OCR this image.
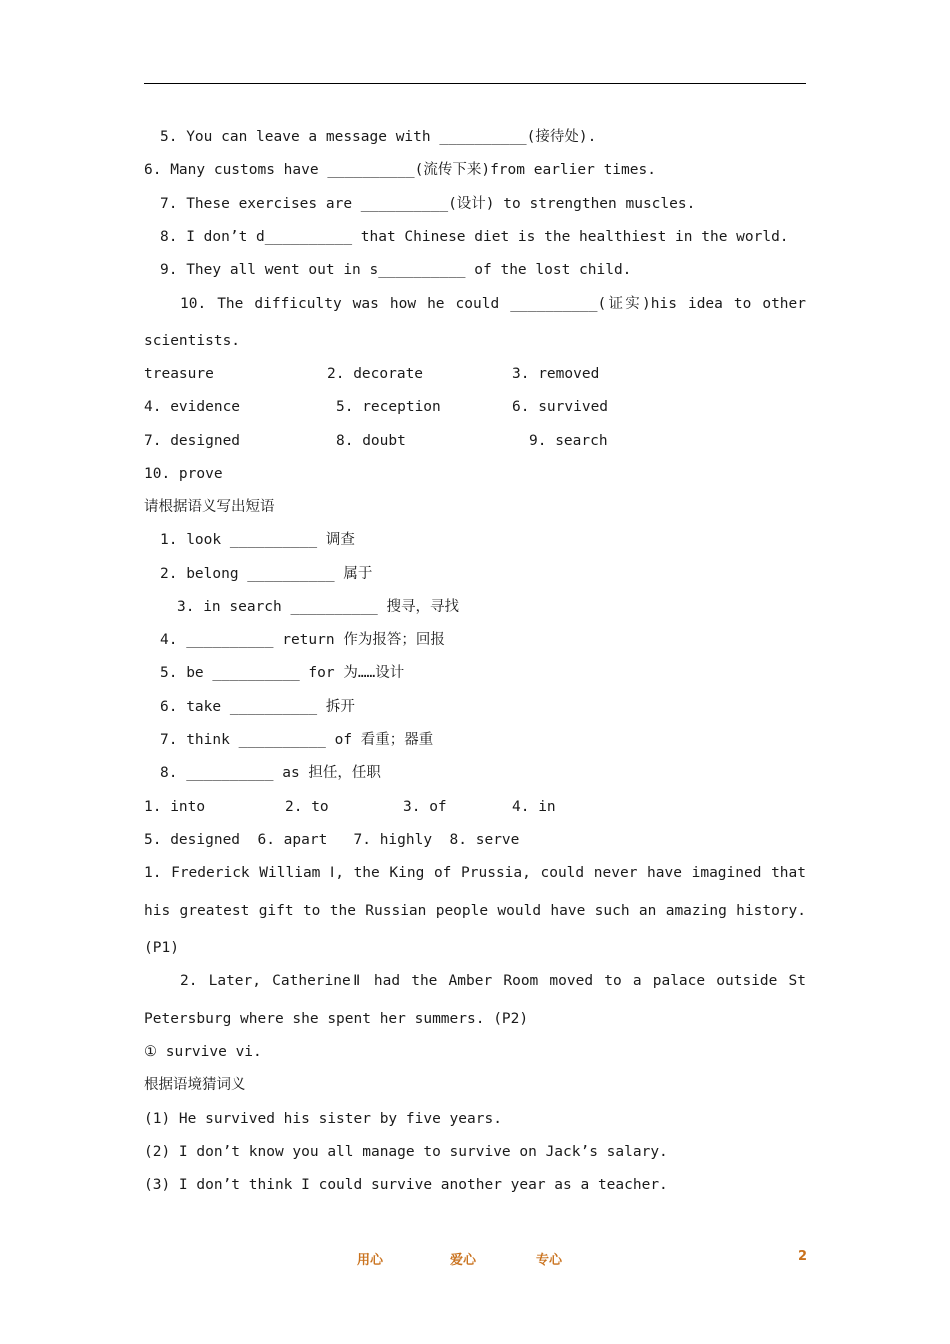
5. You can leave a message with __________(接待处).
6. Many customs have __________(流传下来)from earlier times.
7. These exercises are __________(设计) to strengthen muscles.
8. I don’t d__________ that Chinese diet is the healthiest in the world.
9. They all went out in s__________ of the lost child.
10. The difficulty was how he could __________(证实)his idea to other
scientists.
treasure	2. decorate	3. removed
4. evidence	5. reception	6. survived
7. designed	8. doubt	9. search
10. prove
请根据语义写出短语
1. look __________ 调查
2. belong __________ 属于
3. in search __________ 搜寻，寻找
4. __________ return 作为报答；回报
5. be __________ for 为……设计
6. take __________ 拆开
7. think __________ of 看重；器重
8. __________ as 担任，任职
1. into	2. to	3. of	4. in
5. designed  6. apart   7. highly  8. serve
1. Frederick William Ⅰ, the King of Prussia, could never have imagined that
his greatest gift to the Russian people would have such an amazing history.
(P1)
2. Later, CatherineⅡ had the Amber Room moved to a palace outside St
Petersburg where she spent her summers. (P2)
① survive vi.
根据语境猜词义
(1) He survived his sister by five years.
(2) I don’t know you all manage to survive on Jack’s salary.
(3) I don’t think I could survive another year as a teacher.
用心	爱心	专心	2
